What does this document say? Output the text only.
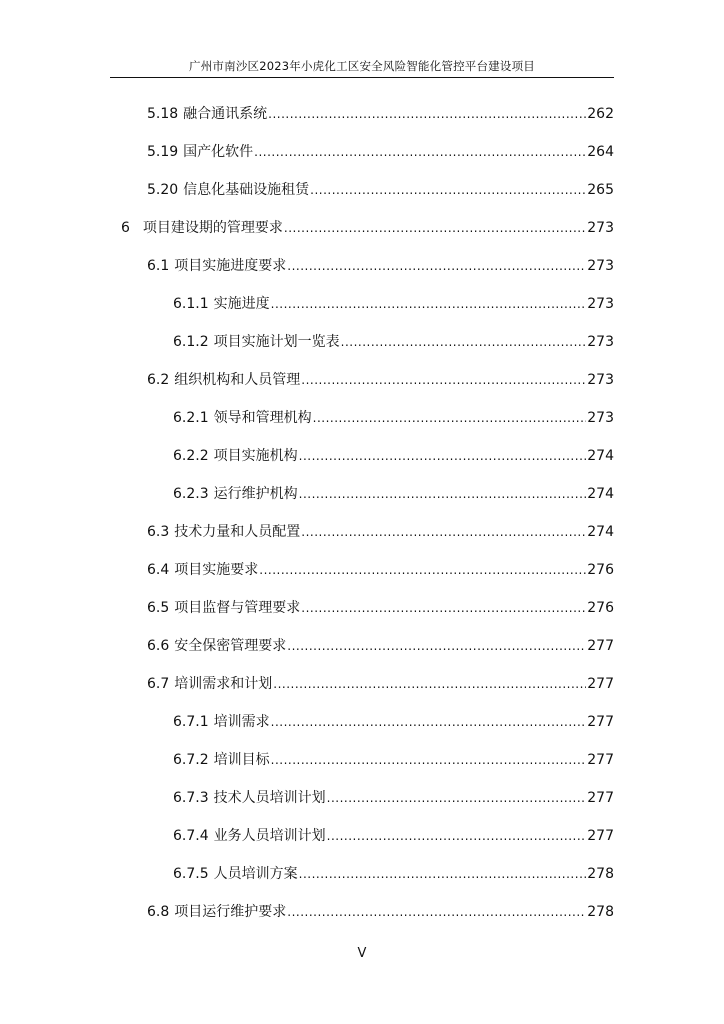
广州市南沙区2023年小虎化工区安全风险智能化管控平台建设项目
5.18 融合通讯系统 .....	262
5.19 国产化软件 .....	264
5.20 信息化基础设施租赁 .....	265
6 项目建设期的管理要求 .....	273
6.1 项目实施进度要求 .....	273
6.1.1 实施进度 .....	273
6.1.2 项目实施计划一览表 .....	273
6.2 组织机构和人员管理 .....	273
6.2.1 领导和管理机构 .....	273
6.2.2 项目实施机构 .....	274
6.2.3 运行维护机构 .....	274
6.3 技术力量和人员配置 .....	274
6.4 项目实施要求 .....	276
6.5 项目监督与管理要求 .....	276
6.6 安全保密管理要求 .....	277
6.7 培训需求和计划 .....	277
6.7.1 培训需求 .....	277
6.7.2 培训目标 .....	277
6.7.3 技术人员培训计划 .....	277
6.7.4 业务人员培训计划 .....	277
6.7.5 人员培训方案 .....	278
6.8 项目运行维护要求 .....	278
V
